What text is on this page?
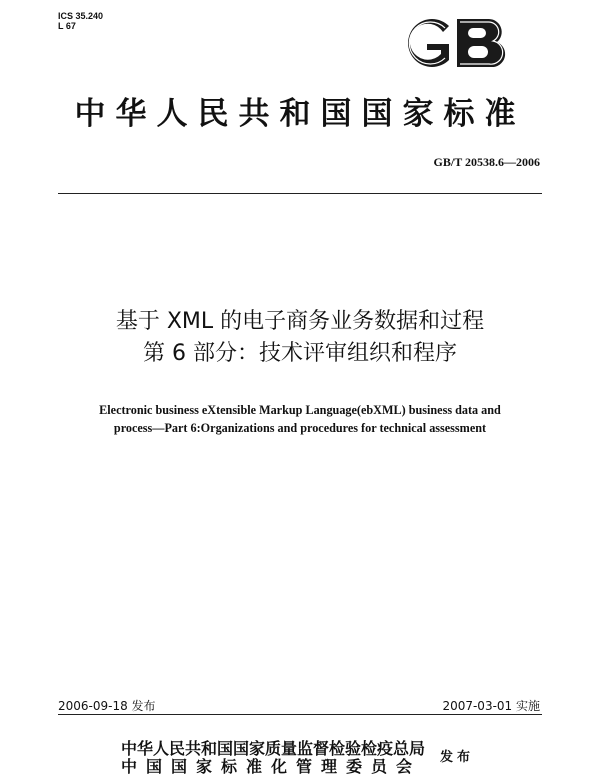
ICS 35.240
L 67
中华人民共和国国家标准
GB/T 20538.6—2006
基于 XML 的电子商务业务数据和过程
第 6 部分：技术评审组织和程序
Electronic business eXtensible Markup Language(ebXML) business data and
process—Part 6:Organizations and procedures for technical assessment
2006-09-18 发布	2007-03-01 实施
中华人民共和国国家质量监督检验检疫总局
中国国家标准化管理委员会 发布
